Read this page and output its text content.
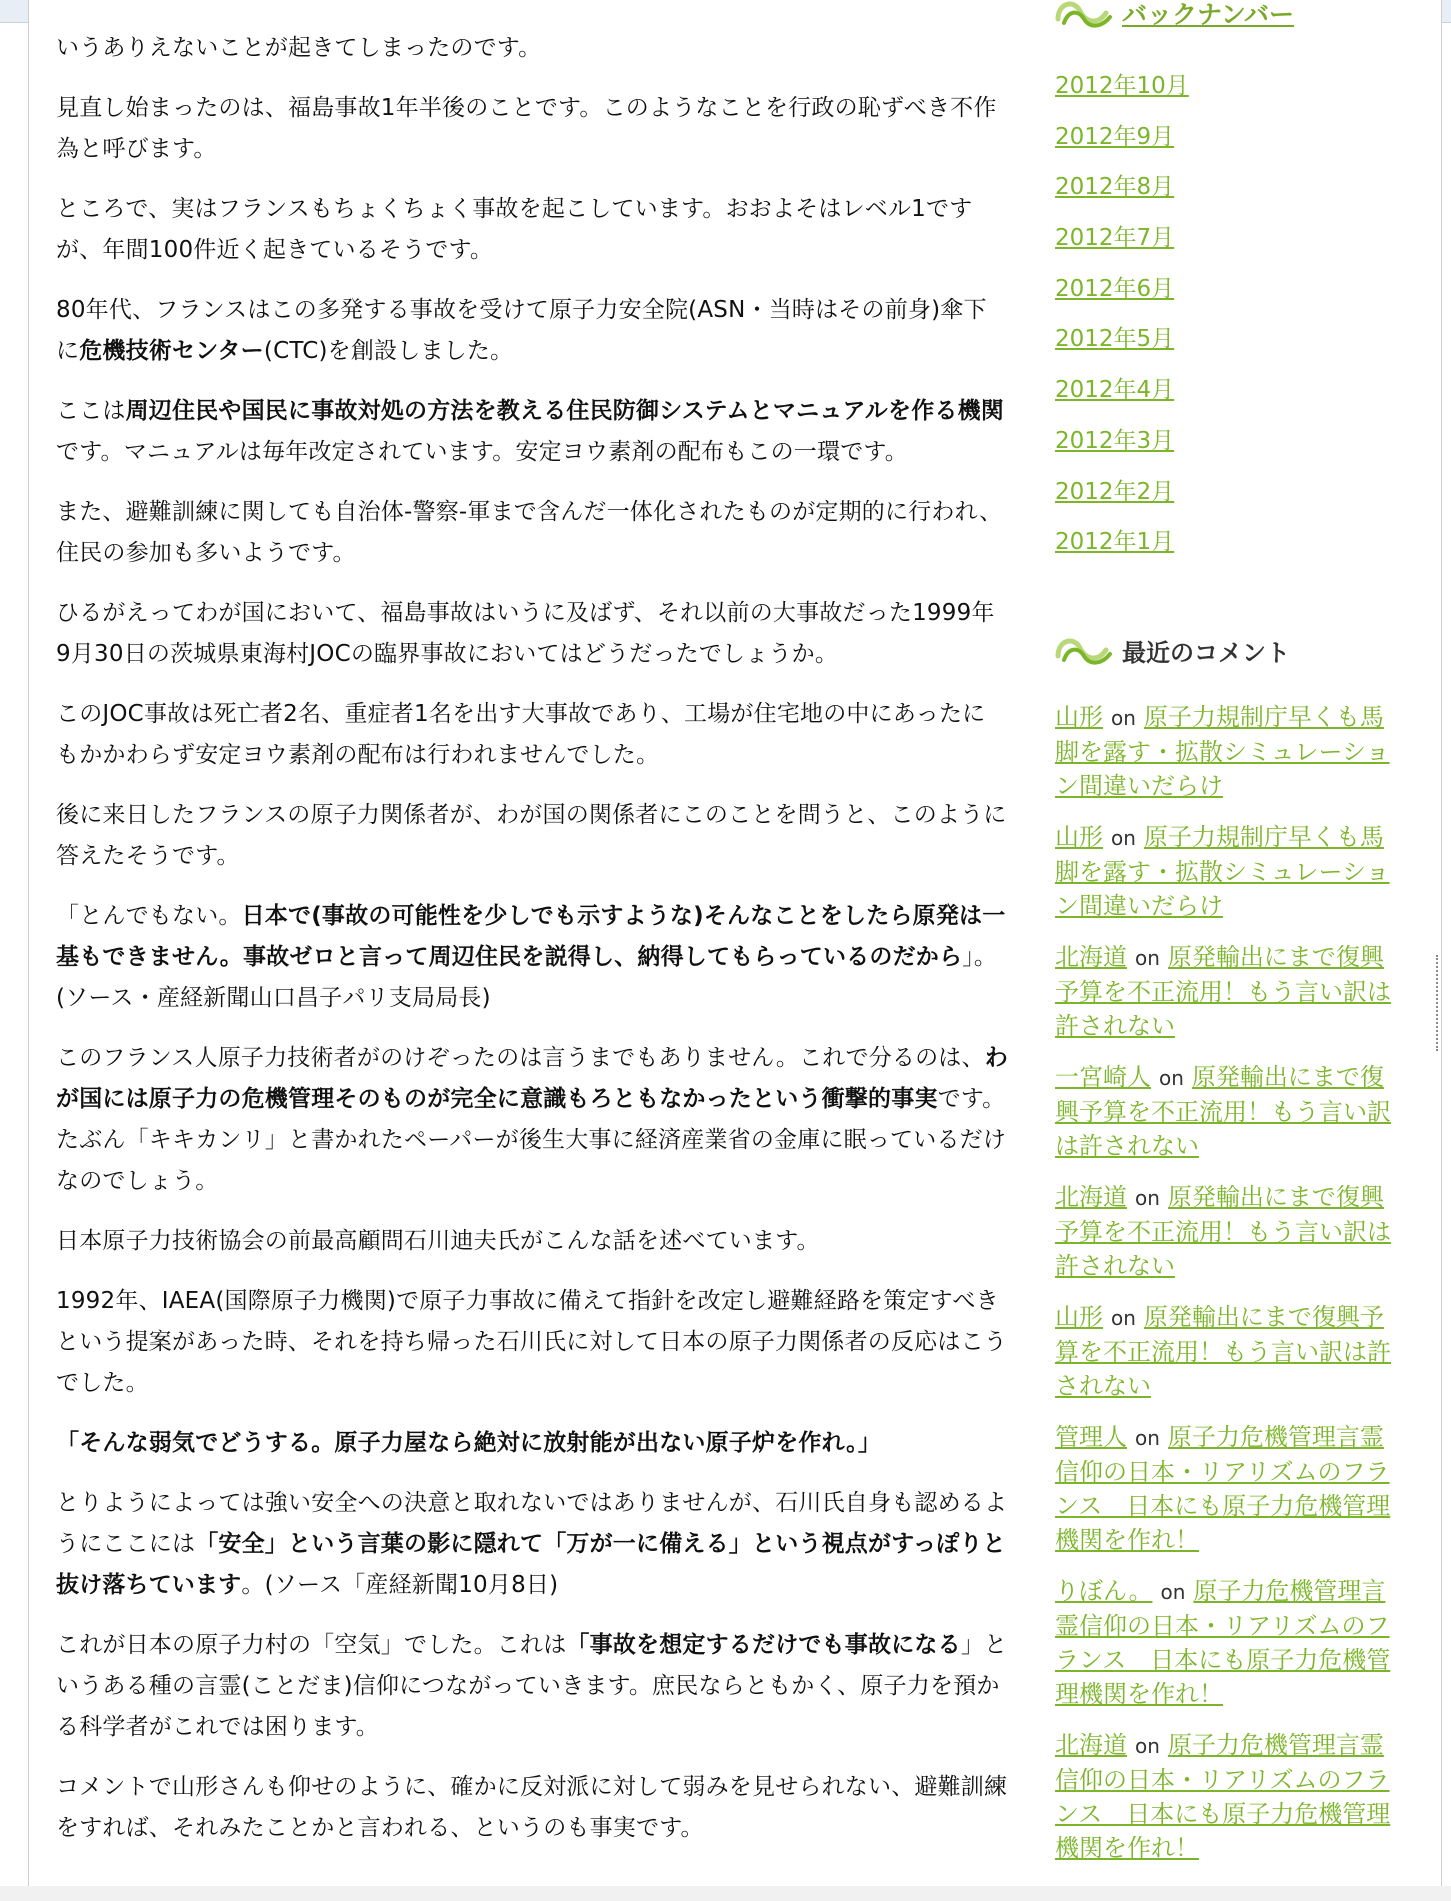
いうありえないことが起きてしまったのです。

見直し始まったのは、福島事故1年半後のことです。このようなことを行政の恥ずべき不作為と呼びます。

ところで、実はフランスもちょくちょく事故を起こしています。おおよそはレベル1ですが、年間100件近く起きているそうです。

80年代、フランスはこの多発する事故を受けて原子力安全院(ASN・当時はその前身)傘下に危機技術センター(CTC)を創設しました。

ここは周辺住民や国民に事故対処の方法を教える住民防御システムとマニュアルを作る機関です。マニュアルは毎年改定されています。安定ヨウ素剤の配布もこの一環です。

また、避難訓練に関しても自治体-警察-軍まで含んだ一体化されたものが定期的に行われ、住民の参加も多いようです。

ひるがえってわが国において、福島事故はいうに及ばず、それ以前の大事故だった1999年9月30日の茨城県東海村JOCの臨界事故においてはどうだったでしょうか。

このJOC事故は死亡者2名、重症者1名を出す大事故であり、工場が住宅地の中にあったにもかかわらず安定ヨウ素剤の配布は行われませんでした。

後に来日したフランスの原子力関係者が、わが国の関係者にこのことを問うと、このように答えたそうです。

「とんでもない。日本で(事故の可能性を少しでも示すような)そんなことをしたら原発は一基もできません。事故ゼロと言って周辺住民を説得し、納得してもらっているのだから」。(ソース・産経新聞山口昌子パリ支局局長)

このフランス人原子力技術者がのけぞったのは言うまでもありません。これで分るのは、わが国には原子力の危機管理そのものが完全に意識もろともなかったという衝撃的事実です。たぶん「キキカンリ」と書かれたペーパーが後生大事に経済産業省の金庫に眠っているだけなのでしょう。

日本原子力技術協会の前最高顧問石川迪夫氏がこんな話を述べています。

1992年、IAEA(国際原子力機関)で原子力事故に備えて指針を改定し避難経路を策定すべきという提案があった時、それを持ち帰った石川氏に対して日本の原子力関係者の反応はこうでした。

「そんな弱気でどうする。原子力屋なら絶対に放射能が出ない原子炉を作れ。」

とりようによっては強い安全への決意と取れないではありませんが、石川氏自身も認めるようにここには「安全」という言葉の影に隠れて「万が一に備える」という視点がすっぽりと抜け落ちています。(ソース「産経新聞10月8日)

これが日本の原子力村の「空気」でした。これは「事故を想定するだけでも事故になる」というある種の言霊(ことだま)信仰につながっていきます。庶民ならともかく、原子力を預かる科学者がこれでは困ります。

コメントで山形さんも仰せのように、確かに反対派に対して弱みを見せられない、避難訓練をすれば、それみたことかと言われる、というのも事実です。

バックナンバー
2012年10月
2012年9月
2012年8月
2012年7月
2012年6月
2012年5月
2012年4月
2012年3月
2012年2月
2012年1月
最近のコメント
山形 on 原子力規制庁早くも馬脚を露す・拡散シミュレーション間違いだらけ
山形 on 原子力規制庁早くも馬脚を露す・拡散シミュレーション間違いだらけ
北海道 on 原発輸出にまで復興予算を不正流用！もう言い訳は許されない
一宮崎人 on 原発輸出にまで復興予算を不正流用！もう言い訳は許されない
北海道 on 原発輸出にまで復興予算を不正流用！もう言い訳は許されない
山形 on 原発輸出にまで復興予算を不正流用！もう言い訳は許されない
管理人 on 原子力危機管理言霊信仰の日本・リアリズムのフランス　日本にも原子力危機管理機関を作れ！
りぼん。 on 原子力危機管理言霊信仰の日本・リアリズムのフランス　日本にも原子力危機管理機関を作れ！
北海道 on 原子力危機管理言霊信仰の日本・リアリズムのフランス　日本にも原子力危機管理機関を作れ！
